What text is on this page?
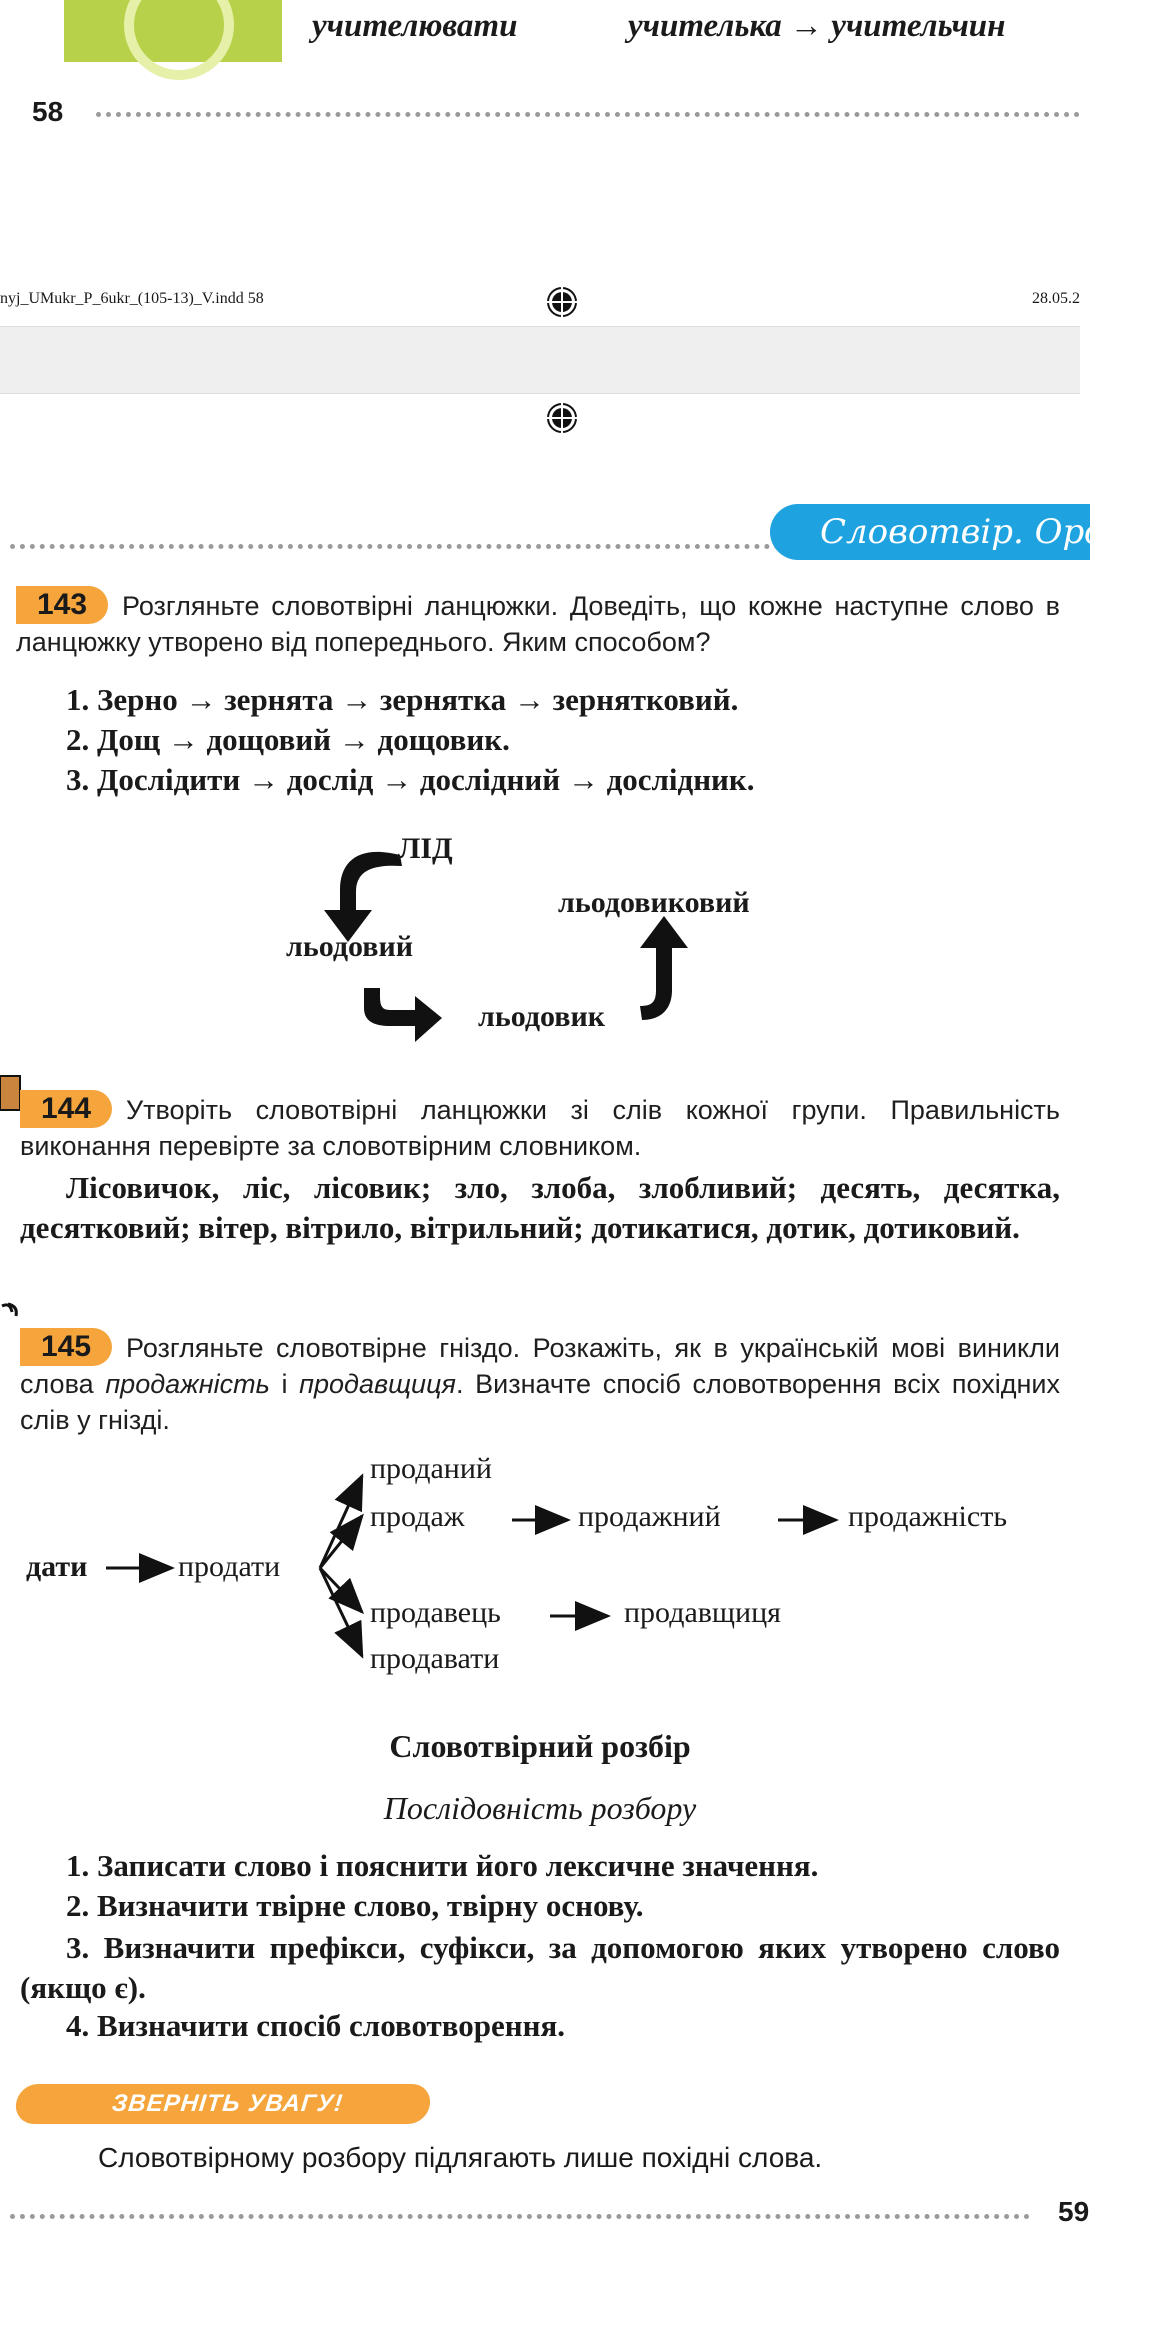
учителювати	учителька → учительчин
58
nyj_UMukr_P_6ukr_(105-13)_V.indd 58	28.05.2
Словотвір. Орфогр
143	Розгляньте словотвірні ланцюжки. Доведіть, що кожне наступне слово в ланцюжку утворено від попереднього. Яким способом?
1. Зерно → зернята → зернятка → зернятковий.
2. Дощ → дощовий → дощовик.
3. Дослідити → дослід → дослідний → дослідник.
ЛІД
льодовий
льодовик
льодовиковий
144	Утворіть словотвірні ланцюжки зі слів кожної групи. Правильність виконання перевірте за словотвірним словником.
Лісовичок, ліс, лісовик; зло, злоба, злобливий; десять, десятка, десятковий; вітер, вітрило, вітрильний; дотикатися, дотик, дотиковий.
145	Розгляньте словотвірне гніздо. Розкажіть, як в українській мові виникли слова продажність і продавщиця. Визначте спосіб словотворення всіх похідних слів у гнізді.
дати	продати
проданий
продаж	продажний	продажність
продавець	продавщиця
продавати
Словотвірний розбір
Послідовність розбору
1. Записати слово і пояснити його лексичне значення.
2. Визначити твірне слово, твірну основу.
3. Визначити префікси, суфікси, за допомогою яких утворено слово (якщо є).
4. Визначити спосіб словотворення.
ЗВЕРНІТЬ УВАГУ!
Словотвірному розбору підлягають лише похідні слова.
59
